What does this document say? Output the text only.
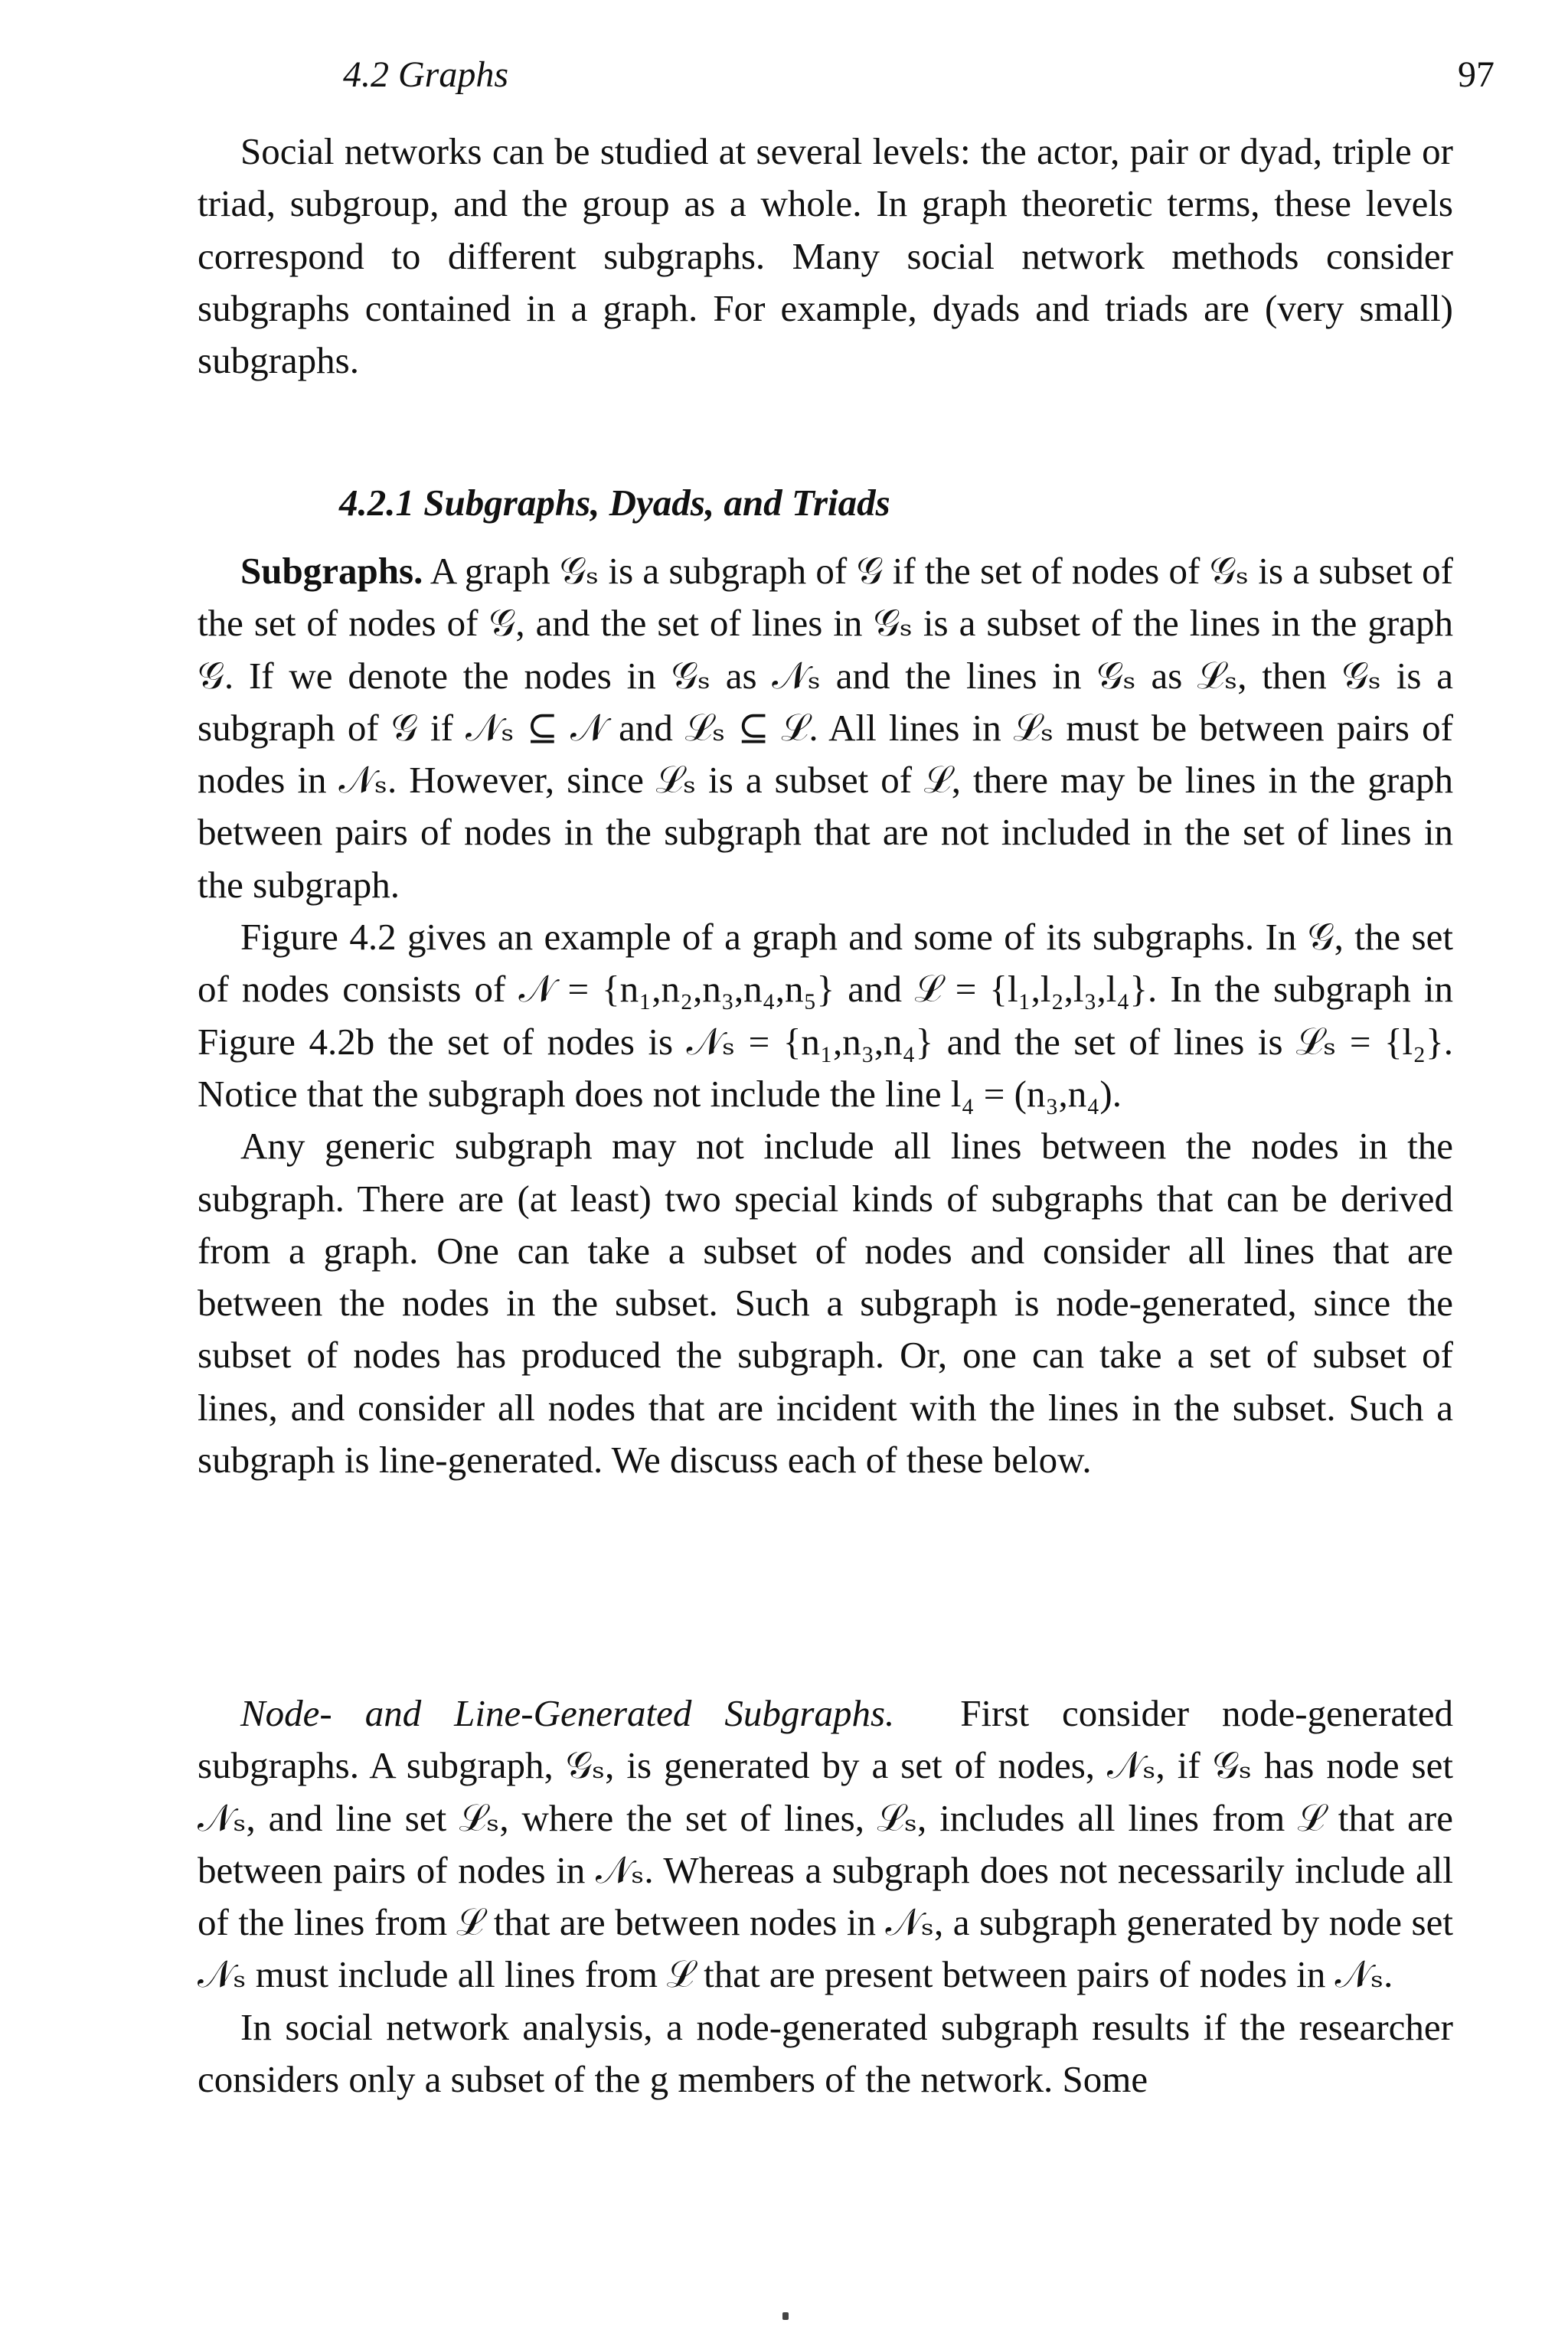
4.2 Graphs	97

Social networks can be studied at several levels: the actor, pair or dyad, triple or triad, subgroup, and the group as a whole. In graph theoretic terms, these levels correspond to different subgraphs. Many social network methods consider subgraphs contained in a graph. For example, dyads and triads are (very small) subgraphs.

4.2.1 Subgraphs, Dyads, and Triads

Subgraphs. A graph 𝒢ₛ is a subgraph of 𝒢 if the set of nodes of 𝒢ₛ is a subset of the set of nodes of 𝒢, and the set of lines in 𝒢ₛ is a subset of the lines in the graph 𝒢. If we denote the nodes in 𝒢ₛ as 𝒩ₛ and the lines in 𝒢ₛ as ℒₛ, then 𝒢ₛ is a subgraph of 𝒢 if 𝒩ₛ ⊆ 𝒩 and ℒₛ ⊆ ℒ. All lines in ℒₛ must be between pairs of nodes in 𝒩ₛ. However, since ℒₛ is a subset of ℒ, there may be lines in the graph between pairs of nodes in the subgraph that are not included in the set of lines in the subgraph.

Figure 4.2 gives an example of a graph and some of its subgraphs. In 𝒢, the set of nodes consists of 𝒩 = {n₁,n₂,n₃,n₄,n₅} and ℒ = {l₁,l₂,l₃,l₄}. In the subgraph in Figure 4.2b the set of nodes is 𝒩ₛ = {n₁,n₃,n₄} and the set of lines is ℒₛ = {l₂}. Notice that the subgraph does not include the line l₄ = (n₃,n₄).

Any generic subgraph may not include all lines between the nodes in the subgraph. There are (at least) two special kinds of subgraphs that can be derived from a graph. One can take a subset of nodes and consider all lines that are between the nodes in the subset. Such a subgraph is node-generated, since the subset of nodes has produced the subgraph. Or, one can take a set of subset of lines, and consider all nodes that are incident with the lines in the subset. Such a subgraph is line-generated. We discuss each of these below.

Node- and Line-Generated Subgraphs. First consider node-generated subgraphs. A subgraph, 𝒢ₛ, is generated by a set of nodes, 𝒩ₛ, if 𝒢ₛ has node set 𝒩ₛ, and line set ℒₛ, where the set of lines, ℒₛ, includes all lines from ℒ that are between pairs of nodes in 𝒩ₛ. Whereas a subgraph does not necessarily include all of the lines from ℒ that are between nodes in 𝒩ₛ, a subgraph generated by node set 𝒩ₛ must include all lines from ℒ that are present between pairs of nodes in 𝒩ₛ.

In social network analysis, a node-generated subgraph results if the researcher considers only a subset of the g members of the network. Some
